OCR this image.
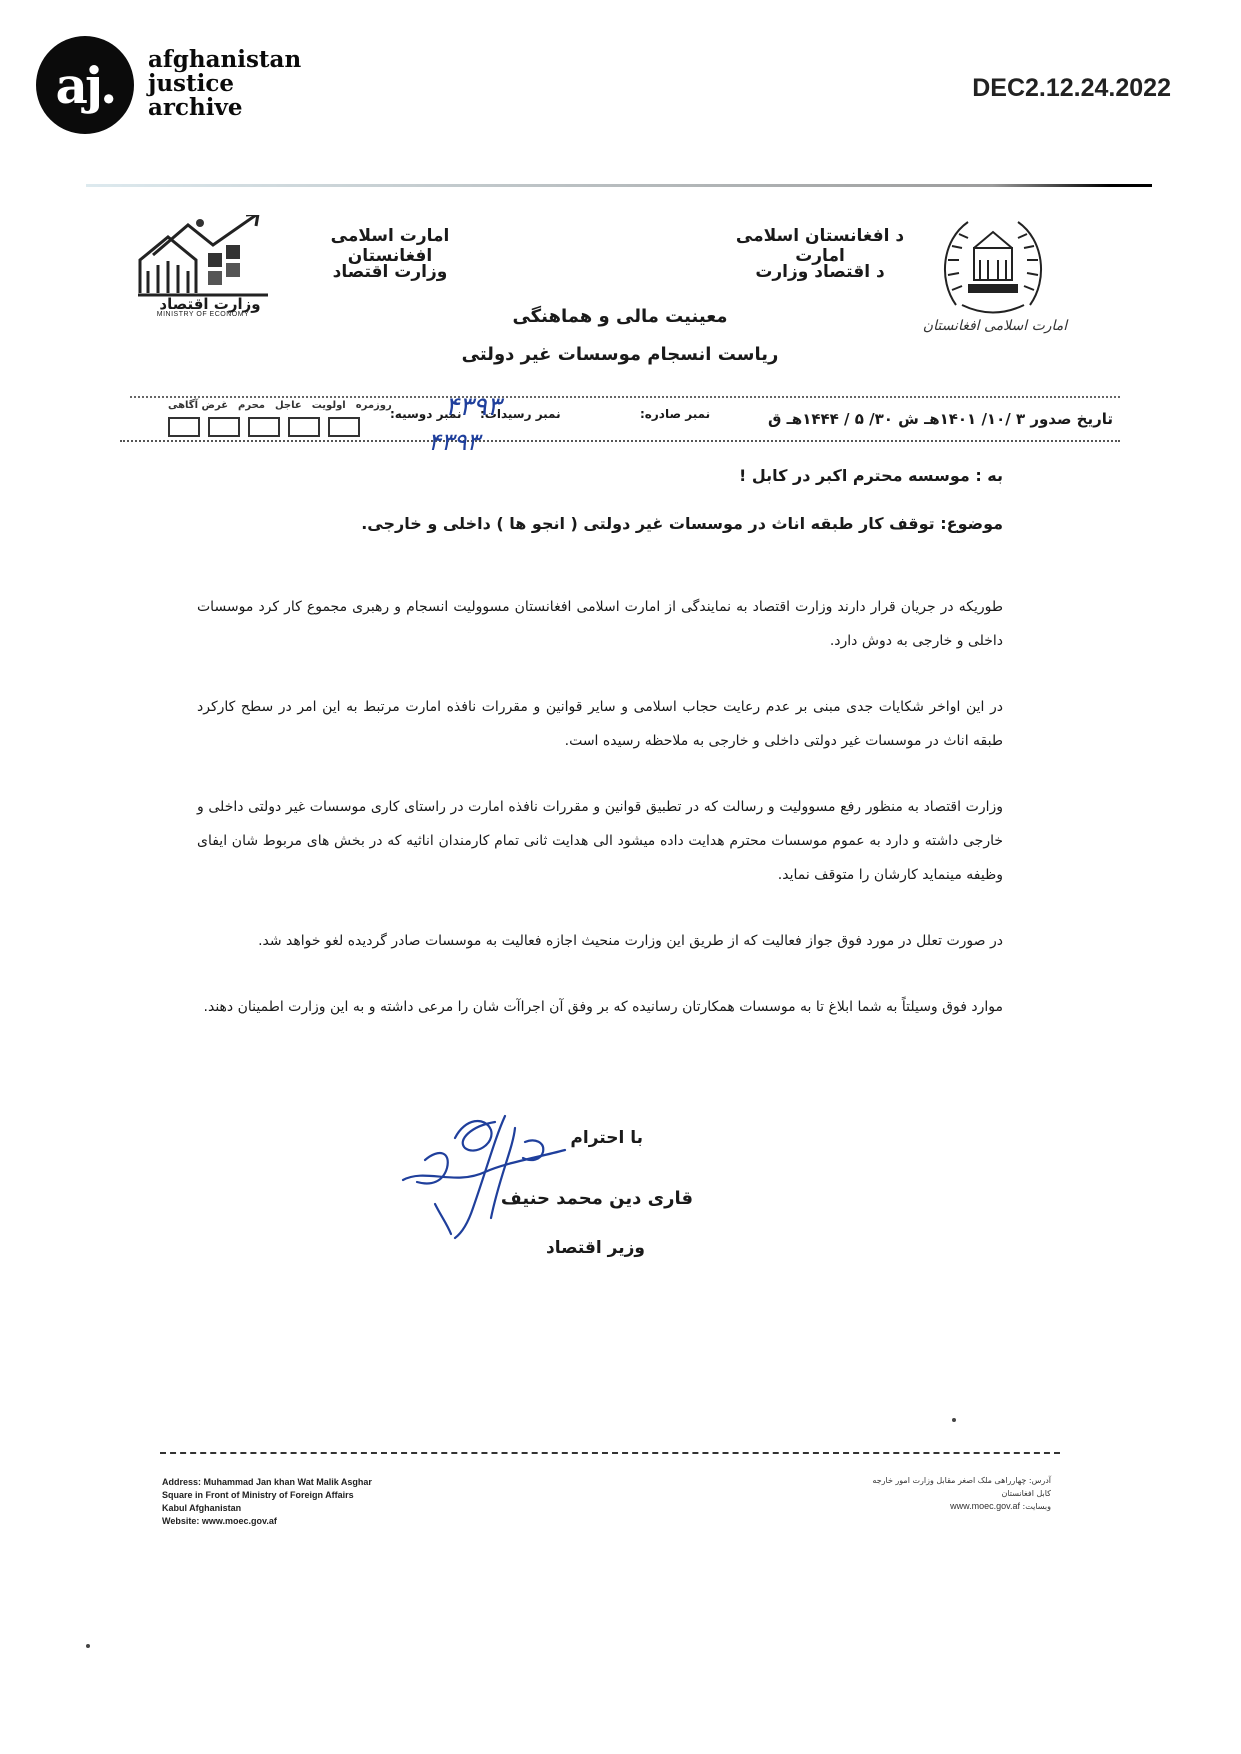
aj.	afghanistan
justice
archive
DEC2.12.24.2022
وزارت اقتصاد
MINISTRY OF ECONOMY
امارت اسلامی افغانستان
امارت اسلامی افغانستان
وزارت اقتصاد
د افغانستان اسلامی امارت
د اقتصاد وزارت
معینیت مالی و هماهنگی
ریاست انسجام موسسات غیر دولتی
تاریخ صدور ۳ /۱۰/ ۱۴۰۱هـ ش ۳۰/ ۵ / ۱۴۴۴هـ ق
نمبر صادره:
نمبر رسیدات:
نمبر دوسیه:
۴۳۹۳
۴۳۹۳
روزمره
اولویت
عاجل
محرم
غرض آگاهی
به : موسسه محترم اکبر در کابل !
موضوع: توقف کار طبقه اناث در موسسات غیر دولتی ( انجو ها ) داخلی و خارجی.
طوریکه در جریان قرار دارند وزارت اقتصاد به نمایندگی از امارت اسلامی افغانستان مسوولیت انسجام و رهبری مجموع کار کرد موسسات داخلی و خارجی به دوش دارد.
در این اواخر شکایات جدی مبنی بر عدم رعایت حجاب اسلامی و سایر قوانین و مقررات نافذه امارت مرتبط به این امر در سطح کارکرد طبقه اناث در موسسات غیر دولتی داخلی و خارجی به ملاحظه رسیده است.
وزارت اقتصاد به منظور رفع مسوولیت و رسالت که در تطبیق قوانین و مقررات نافذه امارت در راستای کاری موسسات غیر دولتی داخلی و خارجی داشته و دارد به عموم موسسات محترم هدایت داده میشود الی هدایت ثانی تمام کارمندان اناثیه که در بخش های مربوط شان ایفای وظیفه مینماید کارشان را متوقف نماید.
در صورت تعلل در مورد فوق جواز فعالیت که از طریق این وزارت منحیث اجازه فعالیت به موسسات صادر گردیده لغو خواهد شد.
موارد فوق وسیلتاً به شما ابلاغ تا به موسسات همکارتان رسانیده که بر وفق آن اجراآت شان را مرعی داشته و به این وزارت اطمینان دهند.
با احترام
قاری دین محمد حنیف
وزیر اقتصاد
Address: Muhammad Jan khan Wat Malik Asghar
Square in Front of Ministry of Foreign Affairs
Kabul Afghanistan
Website: www.moec.gov.af
آدرس: چهارراهی ملک اصغر مقابل وزارت امور خارجه
کابل افغانستان
وبسایت: www.moec.gov.af
